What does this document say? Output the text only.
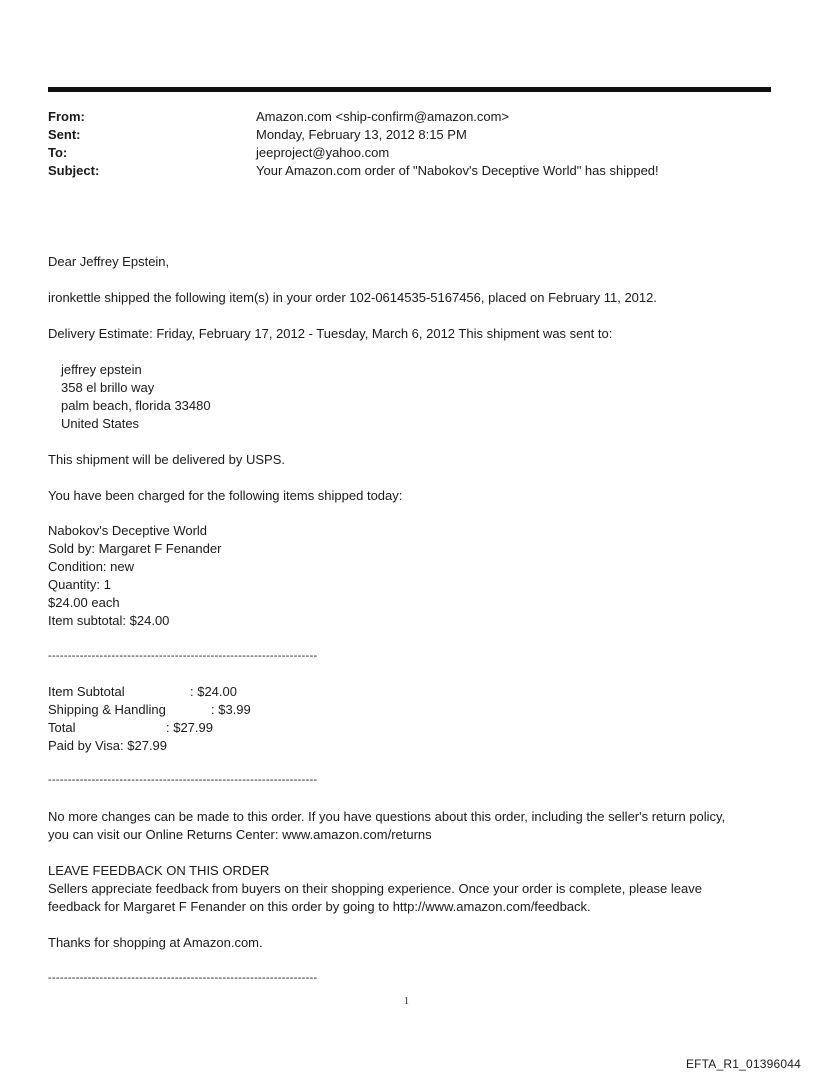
From:	Amazon.com <ship-confirm@amazon.com>
Sent:	Monday, February 13, 2012 8:15 PM
To:	jeeproject@yahoo.com
Subject:	Your Amazon.com order of "Nabokov's Deceptive World" has shipped!
Dear Jeffrey Epstein,
ironkettle shipped the following item(s) in your order 102-0614535-5167456, placed on February 11, 2012.
Delivery Estimate: Friday, February 17, 2012 - Tuesday, March 6, 2012 This shipment was sent to:
jeffrey epstein
358 el brillo way
palm beach, florida 33480
United States
This shipment will be delivered by USPS.
You have been charged for the following items shipped today:
Nabokov's Deceptive World
Sold by: Margaret F Fenander
Condition: new
Quantity: 1
$24.00 each
Item subtotal: $24.00
--------------------------------------------------------------------
Item Subtotal	: $24.00
Shipping & Handling	: $3.99
Total	: $27.99
Paid by Visa: $27.99
--------------------------------------------------------------------
No more changes can be made to this order. If you have questions about this order, including the seller's return policy,
you can visit our Online Returns Center: www.amazon.com/returns
LEAVE FEEDBACK ON THIS ORDER
Sellers appreciate feedback from buyers on their shopping experience. Once your order is complete, please leave
feedback for Margaret F Fenander on this order by going to http://www.amazon.com/feedback.
Thanks for shopping at Amazon.com.
--------------------------------------------------------------------
1
EFTA_R1_01396044
